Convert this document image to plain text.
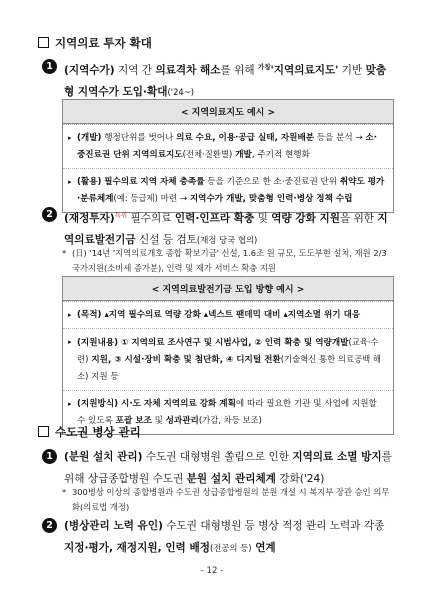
지역의료 투자 확대
1	(지역수가) 지역 간 의료격차 해소를 위해 $^{가칭}$'지역의료지도' 기반 맞춤형 지역수가 도입·확대('24~)
< 지역의료지도 예시 >
▸ (개발) 행정단위를 벗어나 의료 수요, 이용·공급 실태, 자원배분 등을 분석 → 소·중진료권 단위 지역의료지도(전체·질환별) 개발, 주기적 현행화
▸ (활용) 필수의료 지역 자체 충족률 등을 기준으로 한 소·중진료권 단위 취약도 평가·분류체계(예: 등급제) 마련 → 지역수가 개발, 맞춤형 인력·병상 정책 수립
2	(재정투자)$^{특위}$ 필수의료 인력·인프라 확충 및 역량 강화 지원을 위한 지역의료발전기금 신설 등 검토(재정 당국 협의)
* (日) '14년 '지역의료개호 종합 확보기금' 신설, 1.6조 원 규모, 도도부현 설치, 재원 2/3 국가지원(소비세 증가분), 인력 및 재가 서비스 확충 지원
< 지역의료발전기금 도입 방향 예시 >
▸ (목적) ▴지역 필수의료 역량 강화 ▴넥스트 팬데믹 대비 ▴지역소멸 위기 대응
▸ (지원내용) ① 지역의료 조사연구 및 시범사업, ② 인력 확충 및 역량개발(교육·수련) 지원, ③ 시설·장비 확충 및 첨단화, ④ 디지털 전환(기술혁신 통한 의료공백 해소) 지원 등
▸ (지원방식) 시·도 자체 지역의료 강화 계획에 따라 필요한 기관 및 사업에 지원할 수 있도록 포괄 보조 및 성과관리(가감, 차등 보조)
수도권 병상 관리
1	(분원 설치 관리) 수도권 대형병원 쏠림으로 인한 지역의료 소멸 방지를 위해 상급종합병원 수도권 분원 설치 관리체계 강화('24)
* 300병상 이상의 종합병원과 수도권 상급종합병원의 분원 개설 시 복지부 장관 승인 의무화(의료법 개정)
2	(병상관리 노력 유인) 수도권 대형병원 등 병상 적정 관리 노력과 각종 지정·평가, 재정지원, 인력 배정(전공의 등) 연계
- 12 -
